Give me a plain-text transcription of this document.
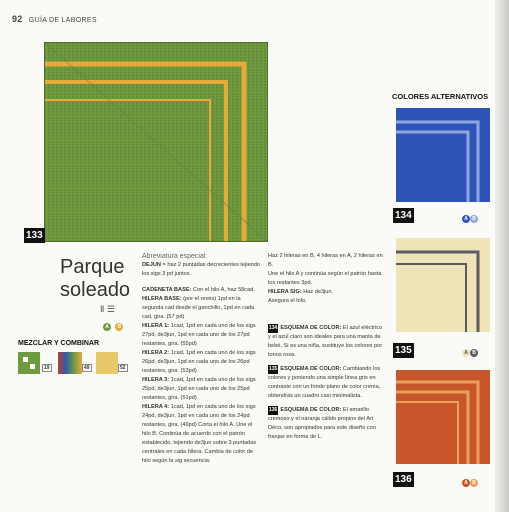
92 GUÍA DE LABORES
133
Parque
soleado
Ⅱ ☰
A B
MEZCLAR Y COMBINAR
19	49	52
Abreviatura especial:
DEJUN = haz 2 puntadas decrecientes tejiendo los sigs 3 pd juntos.
CADENETA BASE: Con el hilo A, haz 58cad.
HILERA BASE: (por el revés) 1pd en la segunda cad desde el ganchillo, 1pd en cada cad, gira. (57 pd)
HILERA 1: 1cad, 1pd en cada uno de los sigs 27pd, de3jun, 1pd en cada uno de los 27pd restantes, gira. (55pd)
HILERA 2: 1cad, 1pd en cada uno de los sigs 26pd, de3jun, 1pd en cada uno de los 26pd restantes, gira. (53pd)
HILERA 3: 1cad, 1pd en cada uno de los sigs 25pd, de3jun, 1pd en cada uno de los 25pd restantes, gira. (51pd)
HILERA 4: 1cad, 1pd en cada uno de los sigs 24pd, de3jun, 1pd en cada uno de los 24pd restantes, gira. (49pd) Corta el hilo A. Une el hilo B. Continúa de acuerdo con el patrón establecido, tejiendo de3jun sobre 3 puntadas centrales en cada hilera. Cambia de color de hilo según la sig secuencia:
Haz 2 hileras en B, 4 hileras en A, 2 hileras en B.
Une el hilo A y continúa según el patrón hasta los restantes 3pd.
HILERA SIG: Haz de3jun.
Asegura el hilo.
134 ESQUEMA DE COLOR: El azul eléctrico y el azul claro son ideales para una manta de bebé. Si es una niña, sustituye los colores por tonos rosa.
135 ESQUEMA DE COLOR: Cambiando los colores y poniendo una simple línea gris en contraste con un fondo plano de color crema, obtendrás un cuadro casi minimalista.
136 ESQUEMA DE COLOR: El amarillo cremoso y el naranja cálido propios del Art Déco, son apropiados para este diseño con franjas en forma de L.
COLORES ALTERNATIVOS
134	A B
135	A B
136	A B
